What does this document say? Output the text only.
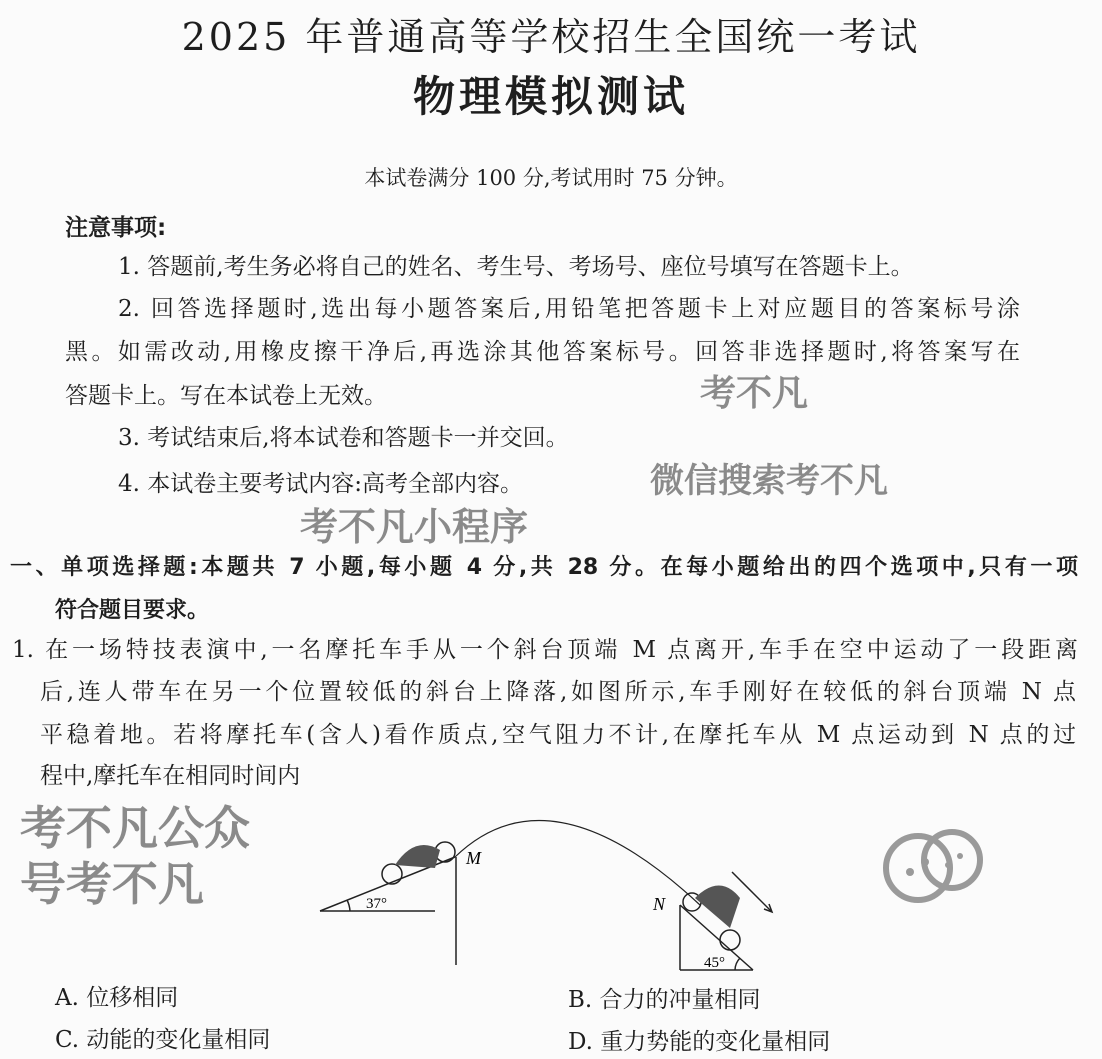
2025 年普通高等学校招生全国统一考试
物理模拟测试
本试卷满分 100 分,考试用时 75 分钟。
注意事项:
1. 答题前,考生务必将自己的姓名、考生号、考场号、座位号填写在答题卡上。
2. 回答选择题时,选出每小题答案后,用铅笔把答题卡上对应题目的答案标号涂
黑。如需改动,用橡皮擦干净后,再选涂其他答案标号。回答非选择题时,将答案写在
答题卡上。写在本试卷上无效。
3. 考试结束后,将本试卷和答题卡一并交回。
4. 本试卷主要考试内容:高考全部内容。
一、单项选择题:本题共 7 小题,每小题 4 分,共 28 分。在每小题给出的四个选项中,只有一项
符合题目要求。
1. 在一场特技表演中,一名摩托车手从一个斜台顶端 M 点离开,车手在空中运动了一段距离
后,连人带车在另一个位置较低的斜台上降落,如图所示,车手刚好在较低的斜台顶端 N 点
平稳着地。若将摩托车(含人)看作质点,空气阻力不计,在摩托车从 M 点运动到 N 点的过
程中,摩托车在相同时间内
M
N
37°
45°
A. 位移相同	B. 合力的冲量相同
C. 动能的变化量相同	D. 重力势能的变化量相同
考不凡
微信搜索考不凡
考不凡小程序
考不凡公众号考不凡
